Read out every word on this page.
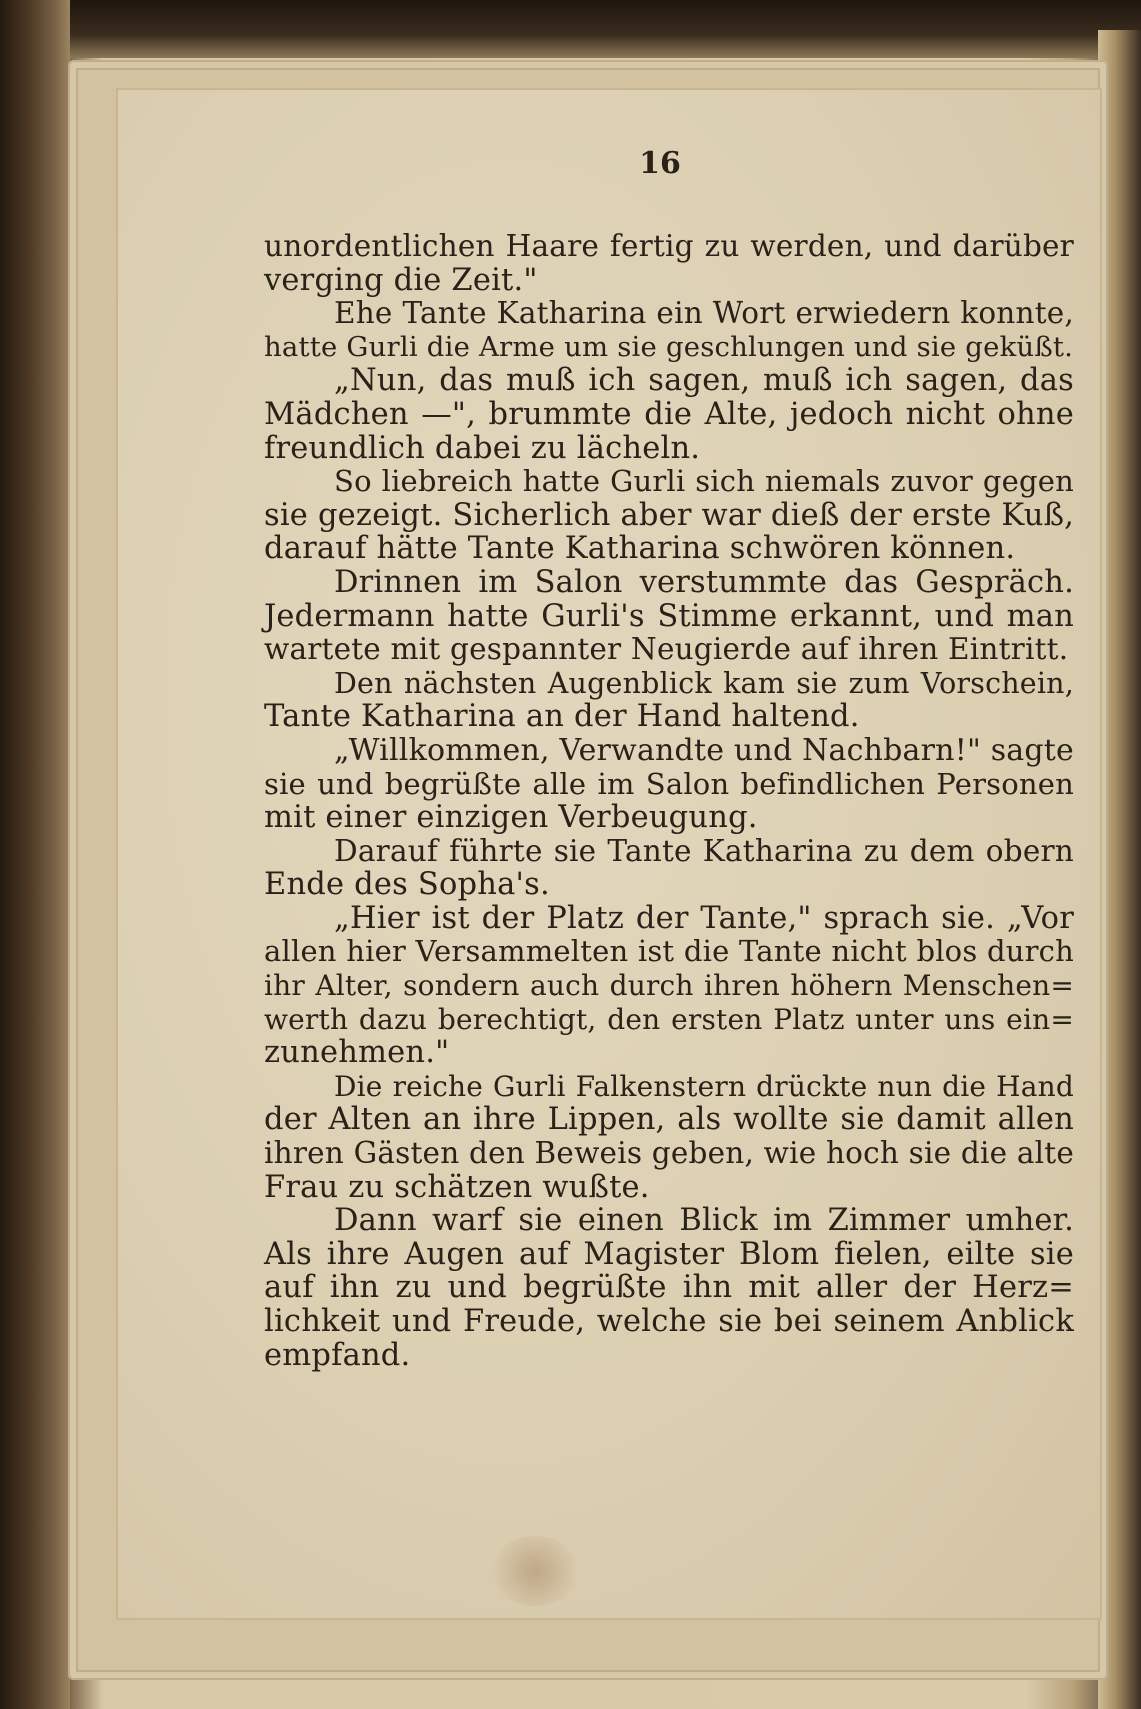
16
unordentlichen Haare fertig zu werden, und darüber
verging die Zeit."
Ehe Tante Katharina ein Wort erwiedern konnte,
hatte Gurli die Arme um sie geschlungen und sie geküßt.
„Nun, das muß ich sagen, muß ich sagen, das
Mädchen —", brummte die Alte, jedoch nicht ohne
freundlich dabei zu lächeln.
So liebreich hatte Gurli sich niemals zuvor gegen
sie gezeigt. Sicherlich aber war dieß der erste Kuß,
darauf hätte Tante Katharina schwören können.
Drinnen im Salon verstummte das Gespräch.
Jedermann hatte Gurli's Stimme erkannt, und man
wartete mit gespannter Neugierde auf ihren Eintritt.
Den nächsten Augenblick kam sie zum Vorschein,
Tante Katharina an der Hand haltend.
„Willkommen, Verwandte und Nachbarn!" sagte
sie und begrüßte alle im Salon befindlichen Personen
mit einer einzigen Verbeugung.
Darauf führte sie Tante Katharina zu dem obern
Ende des Sopha's.
„Hier ist der Platz der Tante," sprach sie. „Vor
allen hier Versammelten ist die Tante nicht blos durch
ihr Alter, sondern auch durch ihren höhern Menschen=
werth dazu berechtigt, den ersten Platz unter uns ein=
zunehmen."
Die reiche Gurli Falkenstern drückte nun die Hand
der Alten an ihre Lippen, als wollte sie damit allen
ihren Gästen den Beweis geben, wie hoch sie die alte
Frau zu schätzen wußte.
Dann warf sie einen Blick im Zimmer umher.
Als ihre Augen auf Magister Blom fielen, eilte sie
auf ihn zu und begrüßte ihn mit aller der Herz=
lichkeit und Freude, welche sie bei seinem Anblick
empfand.
